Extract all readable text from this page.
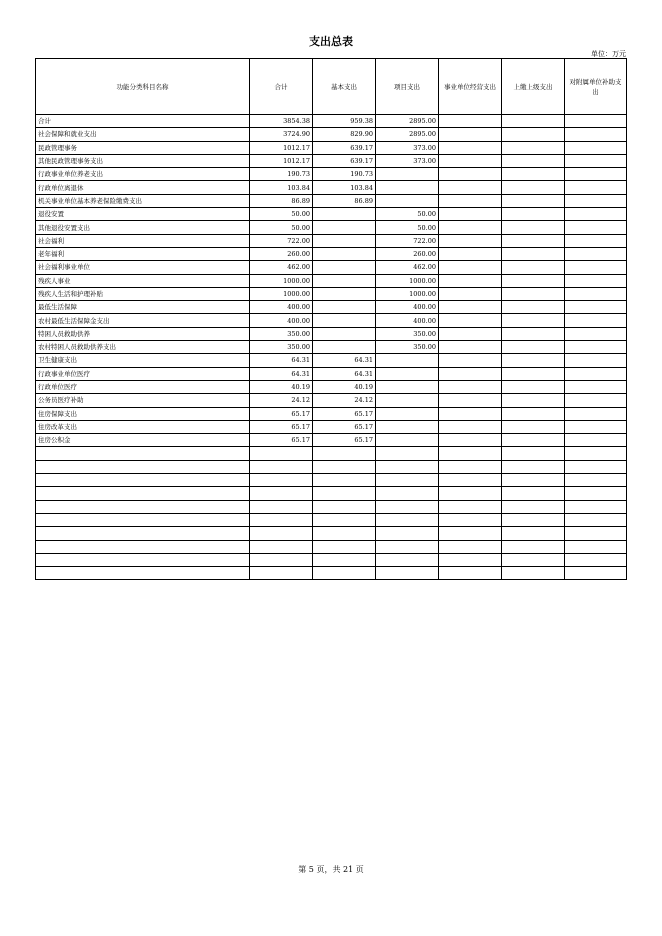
支出总表
单位：万元
功能分类科目名称	合计	基本支出	项目支出	事业单位经营支出	上缴上级支出	对附属单位补助支出
合计	3854.38	959.38	2895.00			
社会保障和就业支出	3724.90	829.90	2895.00			
民政管理事务	1012.17	639.17	373.00			
其他民政管理事务支出	1012.17	639.17	373.00			
行政事业单位养老支出	190.73	190.73				
行政单位离退休	103.84	103.84				
机关事业单位基本养老保险缴费支出	86.89	86.89				
退役安置	50.00		50.00			
其他退役安置支出	50.00		50.00			
社会福利	722.00		722.00			
老年福利	260.00		260.00			
社会福利事业单位	462.00		462.00			
残疾人事业	1000.00		1000.00			
残疾人生活和护理补贴	1000.00		1000.00			
最低生活保障	400.00		400.00			
农村最低生活保障金支出	400.00		400.00			
特困人员救助供养	350.00		350.00			
农村特困人员救助供养支出	350.00		350.00			
卫生健康支出	64.31	64.31				
行政事业单位医疗	64.31	64.31				
行政单位医疗	40.19	40.19				
公务员医疗补助	24.12	24.12				
住房保障支出	65.17	65.17				
住房改革支出	65.17	65.17				
住房公积金	65.17	65.17				

第 5 页，共 21 页
